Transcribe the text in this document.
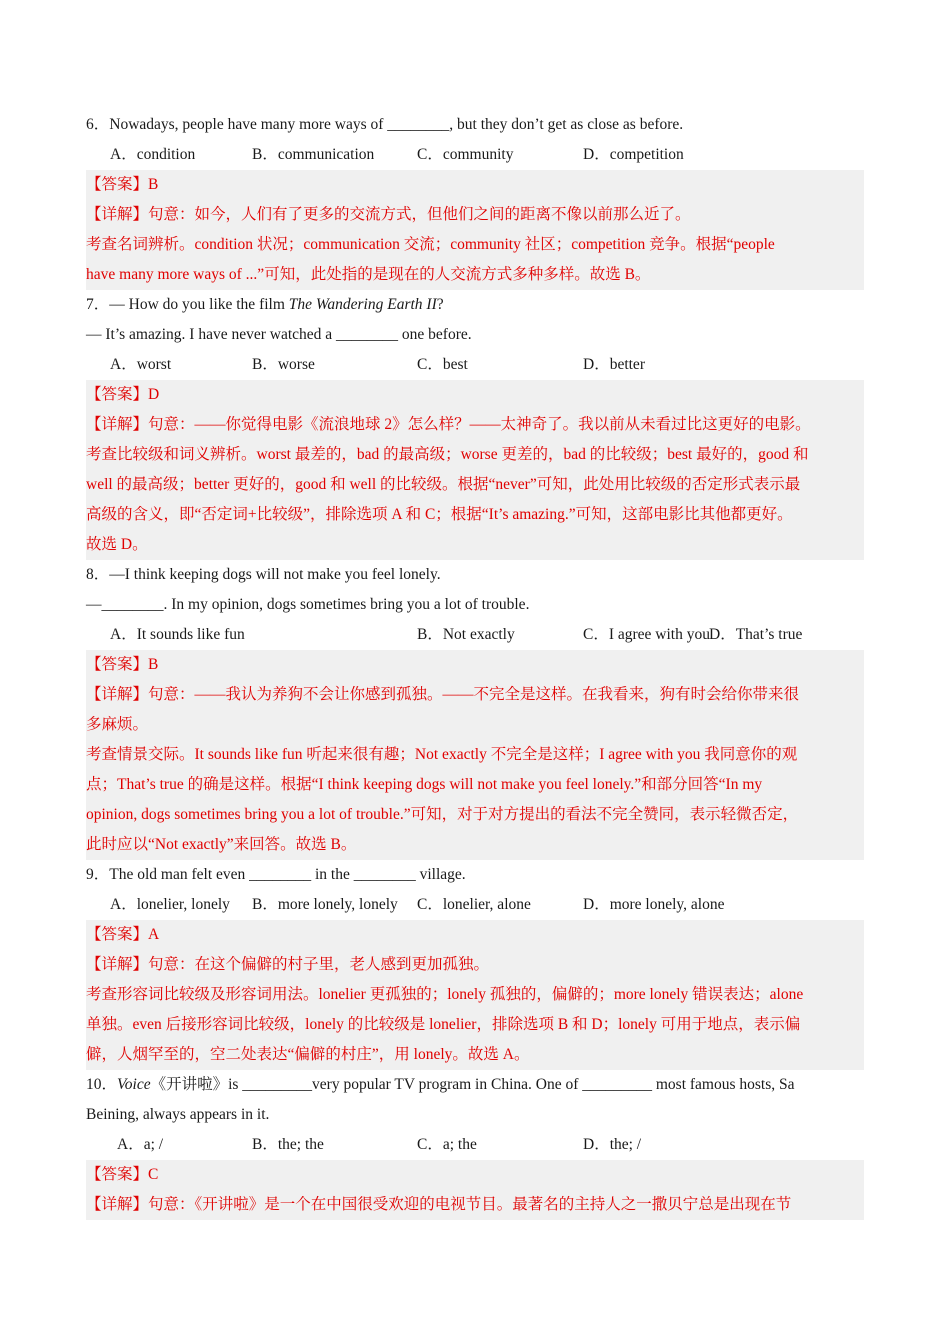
6．Nowadays, people have many more ways of ________, but they don’t get as close as before.
A．condition	B．communication	C．community	D．competition
【答案】B
【详解】句意：如今，人们有了更多的交流方式，但他们之间的距离不像以前那么近了。
考查名词辨析。condition 状况；communication 交流；community 社区；competition 竞争。根据“people
have many more ways of ...”可知，此处指的是现在的人交流方式多种多样。故选 B。
7．— How do you like the film The Wandering Earth II?
— It’s amazing. I have never watched a ________ one before.
A．worst	B．worse	C．best	D．better
【答案】D
【详解】句意：——你觉得电影《流浪地球 2》怎么样？——太神奇了。我以前从未看过比这更好的电影。
考查比较级和词义辨析。worst 最差的，bad 的最高级；worse 更差的，bad 的比较级；best 最好的，good 和
well 的最高级；better 更好的，good 和 well 的比较级。根据“never”可知，此处用比较级的否定形式表示最
高级的含义，即“否定词+比较级”，排除选项 A 和 C；根据“It’s amazing.”可知，这部电影比其他都更好。
故选 D。
8．—I think keeping dogs will not make you feel lonely.
—________. In my opinion, dogs sometimes bring you a lot of trouble.
A．It sounds like fun	B．Not exactly	C．I agree with you D．That’s true
【答案】B
【详解】句意：——我认为养狗不会让你感到孤独。——不完全是这样。在我看来，狗有时会给你带来很
多麻烦。
考查情景交际。It sounds like fun 听起来很有趣；Not exactly 不完全是这样；I agree with you 我同意你的观
点；That’s true 的确是这样。根据“I think keeping dogs will not make you feel lonely.”和部分回答“In my
opinion, dogs sometimes bring you a lot of trouble.”可知，对于对方提出的看法不完全赞同，表示轻微否定，
此时应以“Not exactly”来回答。故选 B。
9．The old man felt even ________ in the ________ village.
A．lonelier, lonely B．more lonely, lonely C．lonelier, alone	D．more lonely, alone
【答案】A
【详解】句意：在这个偏僻的村子里，老人感到更加孤独。
考查形容词比较级及形容词用法。lonelier 更孤独的；lonely 孤独的，偏僻的；more lonely 错误表达；alone
单独。even 后接形容词比较级，lonely 的比较级是 lonelier，排除选项 B 和 D；lonely 可用于地点，表示偏
僻，人烟罕至的，空二处表达“偏僻的村庄”，用 lonely。故选 A。
10．Voice《开讲啦》is _________very popular TV program in China. One of _________ most famous hosts, Sa
Beining, always appears in it.
A．a; /	B．the; the	C．a; the	D．the; /
【答案】C
【详解】句意：《开讲啦》是一个在中国很受欢迎的电视节目。最著名的主持人之一撒贝宁总是出现在节
